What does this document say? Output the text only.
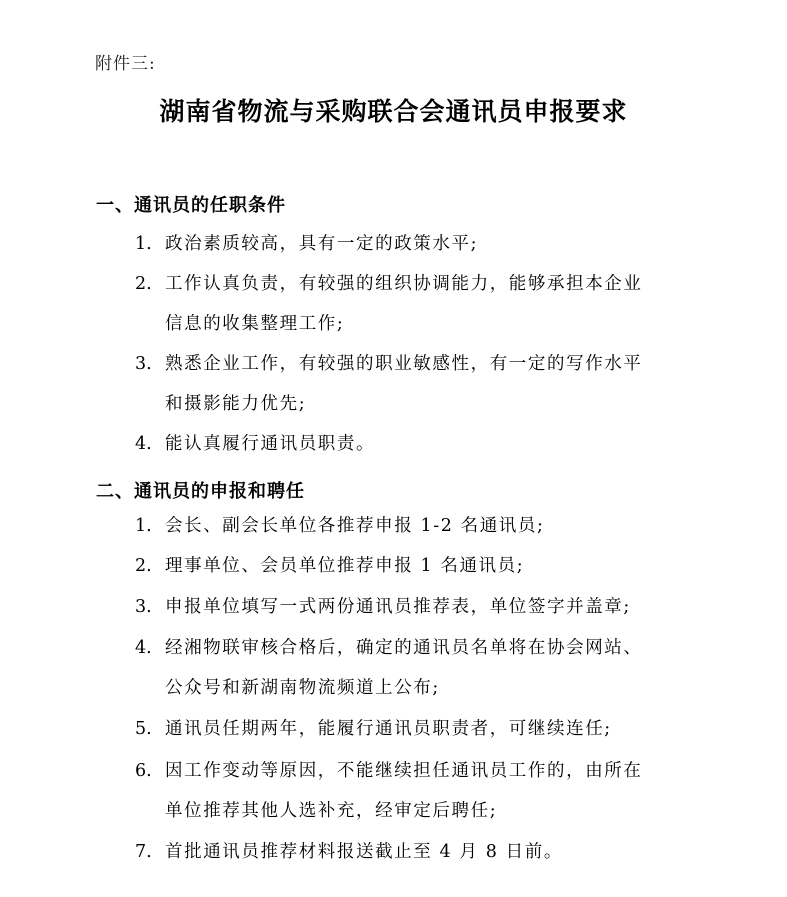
附件三:
湖南省物流与采购联合会通讯员申报要求
一、通讯员的任职条件
1. 政治素质较高，具有一定的政策水平;
2. 工作认真负责，有较强的组织协调能力，能够承担本企业
信息的收集整理工作;
3. 熟悉企业工作，有较强的职业敏感性，有一定的写作水平
和摄影能力优先;
4. 能认真履行通讯员职责。
二、通讯员的申报和聘任
1. 会长、副会长单位各推荐申报 1-2 名通讯员;
2. 理事单位、会员单位推荐申报 1 名通讯员;
3. 申报单位填写一式两份通讯员推荐表，单位签字并盖章;
4. 经湘物联审核合格后，确定的通讯员名单将在协会网站、
公众号和新湖南物流频道上公布;
5. 通讯员任期两年，能履行通讯员职责者，可继续连任;
6. 因工作变动等原因，不能继续担任通讯员工作的，由所在
单位推荐其他人选补充，经审定后聘任;
7. 首批通讯员推荐材料报送截止至 4 月 8 日前。
